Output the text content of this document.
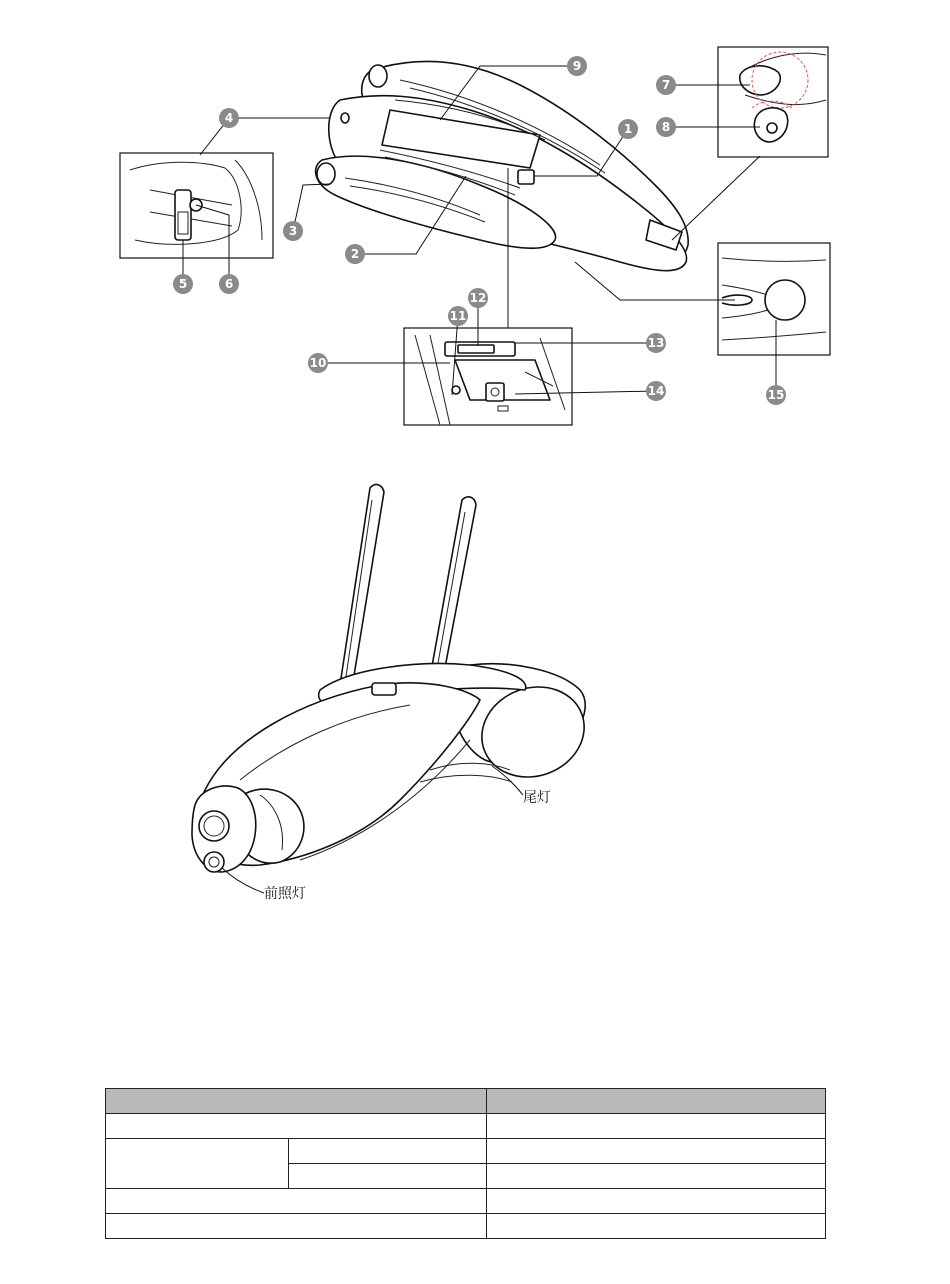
1
2
3
4
5	6
7
8
9
10
11
12
13
14	15
尾灯
前照灯
